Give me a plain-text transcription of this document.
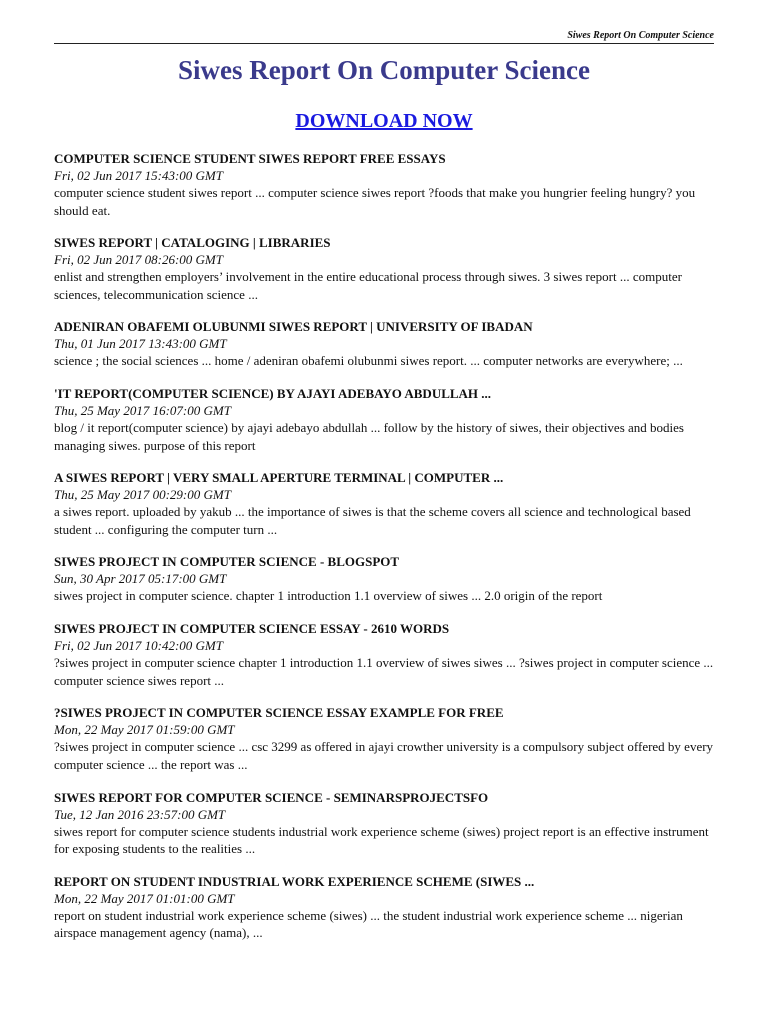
Siwes Report On Computer Science
Siwes Report On Computer Science
DOWNLOAD NOW
COMPUTER SCIENCE STUDENT SIWES REPORT FREE ESSAYS
Fri, 02 Jun 2017 15:43:00 GMT
computer science student siwes report ... computer science siwes report ?foods that make you hungrier feeling hungry? you should eat.
SIWES REPORT | CATALOGING | LIBRARIES
Fri, 02 Jun 2017 08:26:00 GMT
enlist and strengthen employers’ involvement in the entire educational process through siwes. 3 siwes report ... computer sciences, telecommunication science ...
ADENIRAN OBAFEMI OLUBUNMI SIWES REPORT | UNIVERSITY OF IBADAN
Thu, 01 Jun 2017 13:43:00 GMT
science ; the social sciences ... home / adeniran obafemi olubunmi siwes report. ... computer networks are everywhere; ...
'IT REPORT(COMPUTER SCIENCE) BY AJAYI ADEBAYO ABDULLAH ...
Thu, 25 May 2017 16:07:00 GMT
blog / it report(computer science) by ajayi adebayo abdullah ... follow by the history of siwes, their objectives and bodies managing siwes. purpose of this report
A SIWES REPORT | VERY SMALL APERTURE TERMINAL | COMPUTER ...
Thu, 25 May 2017 00:29:00 GMT
a siwes report. uploaded by yakub ... the importance of siwes is that the scheme covers all science and technological based student ... configuring the computer turn ...
SIWES PROJECT IN COMPUTER SCIENCE - BLOGSPOT
Sun, 30 Apr 2017 05:17:00 GMT
siwes project in computer science. chapter 1 introduction 1.1 overview of siwes ... 2.0 origin of the report
SIWES PROJECT IN COMPUTER SCIENCE ESSAY - 2610 WORDS
Fri, 02 Jun 2017 10:42:00 GMT
?siwes project in computer science chapter 1 introduction 1.1 overview of siwes siwes ... ?siwes project in computer science ... computer science siwes report ...
?SIWES PROJECT IN COMPUTER SCIENCE ESSAY EXAMPLE FOR FREE
Mon, 22 May 2017 01:59:00 GMT
?siwes project in computer science ... csc 3299 as offered in ajayi crowther university is a compulsory subject offered by every computer science ... the report was ...
SIWES REPORT FOR COMPUTER SCIENCE - SEMINARSPROJECTSFO
Tue, 12 Jan 2016 23:57:00 GMT
siwes report for computer science students industrial work experience scheme (siwes) project report is an effective instrument for exposing students to the realities ...
REPORT ON STUDENT INDUSTRIAL WORK EXPERIENCE SCHEME (SIWES ...
Mon, 22 May 2017 01:01:00 GMT
report on student industrial work experience scheme (siwes) ... the student industrial work experience scheme ... nigerian airspace management agency (nama), ...
